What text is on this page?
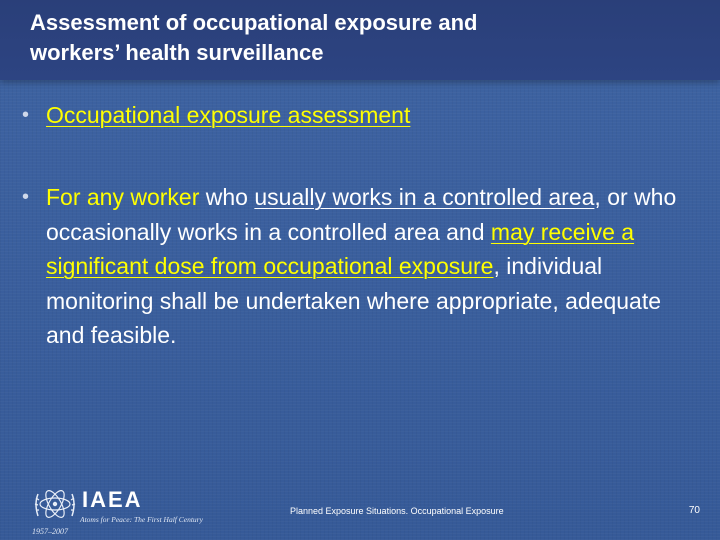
Assessment of occupational exposure and
workers’ health surveillance
• Occupational exposure assessment
• For any worker who usually works in a controlled area, or who occasionally works in a controlled area and may receive a significant dose from occupational exposure, individual monitoring shall be undertaken where appropriate, adequate and feasible.
IAEA
Atoms for Peace: The First Half Century
1957–2007
Planned Exposure Situations. Occupational Exposure	70
